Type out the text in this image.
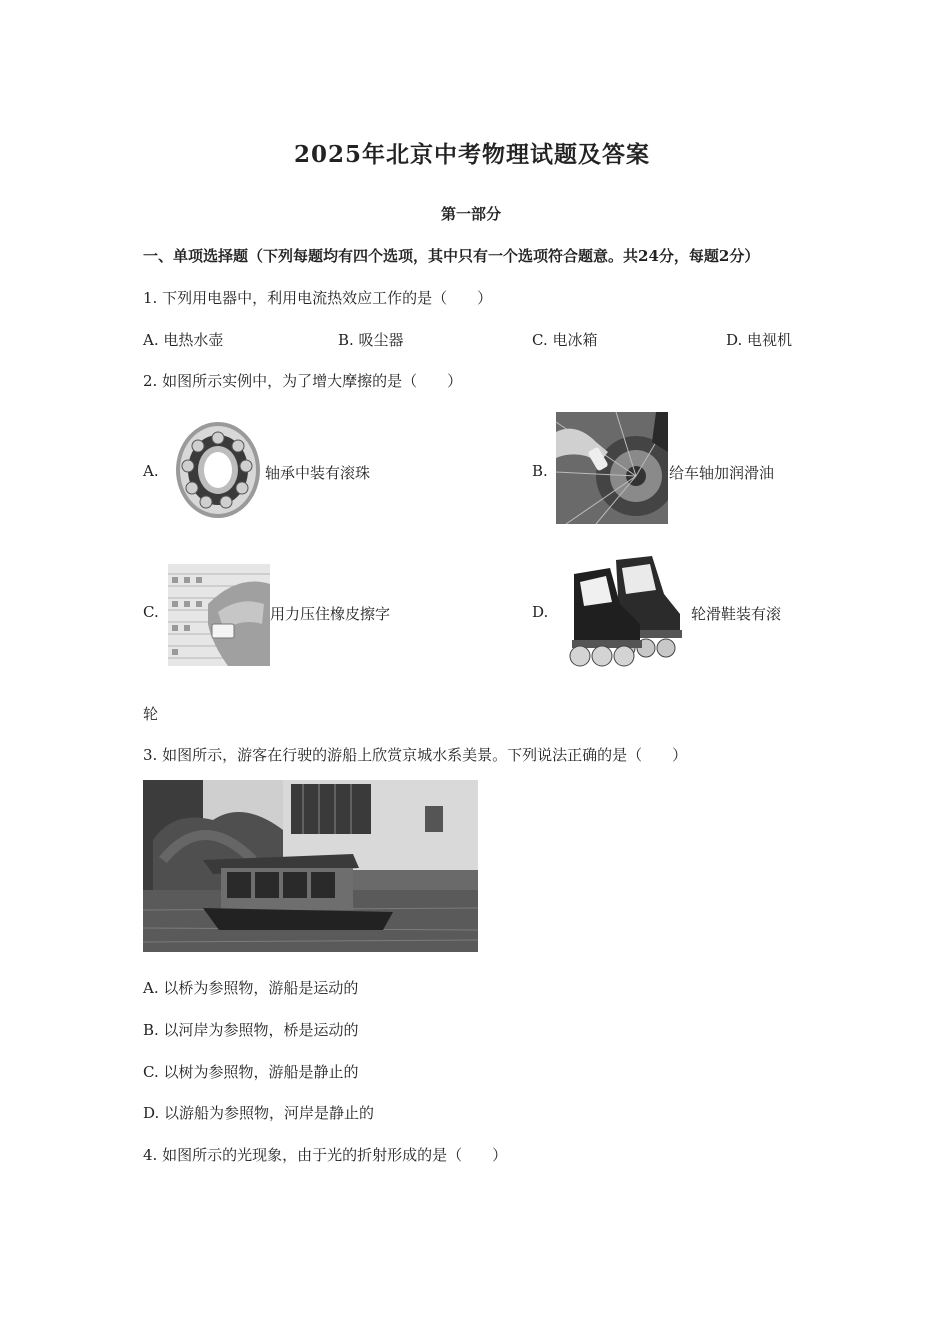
2025年北京中考物理试题及答案
第一部分
一、单项选择题（下列每题均有四个选项，其中只有一个选项符合题意。共24分，每题2分）
1. 下列用电器中，利用电流热效应工作的是（　　）
A. 电热水壶	B. 吸尘器	C. 电冰箱	D. 电视机
2. 如图所示实例中，为了增大摩擦的是（　　）
A.	轴承中装有滚珠	B.	给车轴加润滑油
C.	用力压住橡皮擦字	D.	轮滑鞋装有滚
轮
3. 如图所示，游客在行驶的游船上欣赏京城水系美景。下列说法正确的是（　　）
A. 以桥为参照物，游船是运动的
B. 以河岸为参照物，桥是运动的
C. 以树为参照物，游船是静止的
D. 以游船为参照物，河岸是静止的
4. 如图所示的光现象，由于光的折射形成的是（　　）
